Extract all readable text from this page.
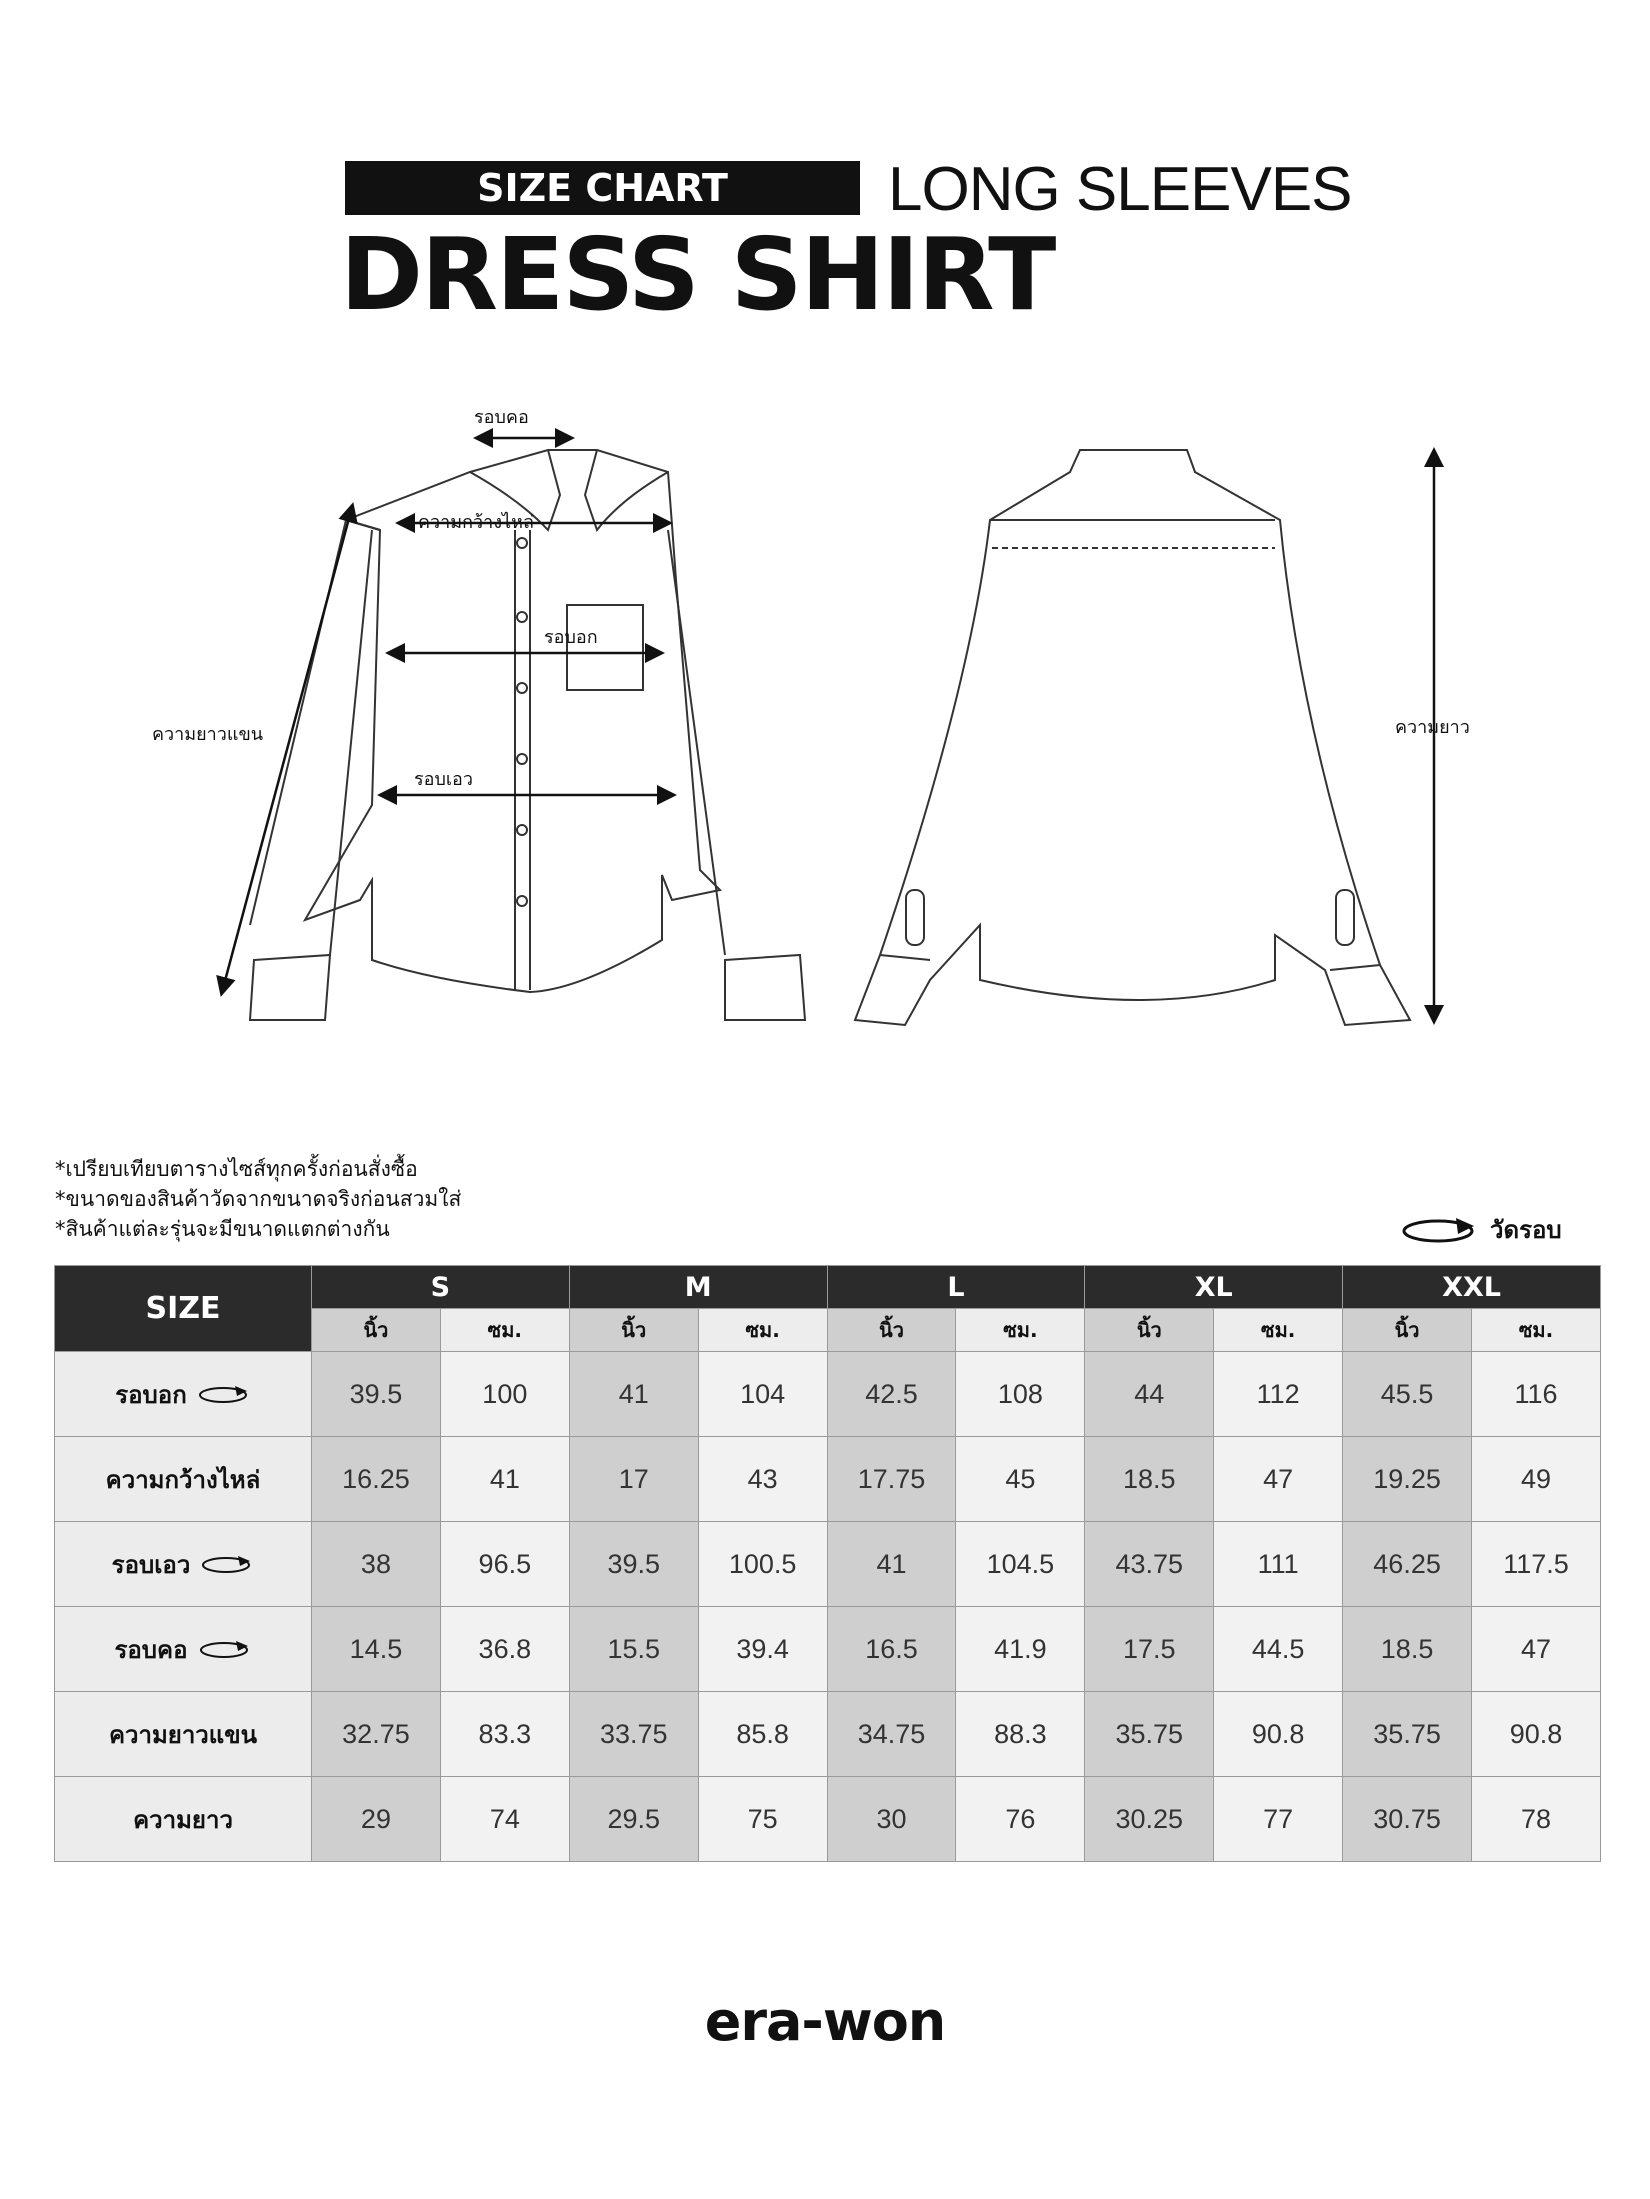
SIZE CHART	LONG SLEEVES
DRESS SHIRT
รอบคอ
ความกว้างไหล่
รอบอก
รอบเอว
ความยาวแขน	ความยาว
*เปรียบเทียบตารางไซส์ทุกครั้งก่อนสั่งซื้อ
*ขนาดของสินค้าวัดจากขนาดจริงก่อนสวมใส่
*สินค้าแต่ละรุ่นจะมีขนาดแตกต่างกัน	วัดรอบ
SIZE	S		M		L		XL		XXL	
	นิ้ว	ซม.	นิ้ว	ซม.	นิ้ว	ซม.	นิ้ว	ซม.	นิ้ว	ซม.

รอบอก	39.5	100	41	104	42.5	108	44	112	45.5	116

ความกว้างไหล่	16.25	41	17	43	17.75	45	18.5	47	19.25	49

รอบเอว	38	96.5	39.5	100.5	41	104.5	43.75	111	46.25	117.5

รอบคอ	14.5	36.8	15.5	39.4	16.5	41.9	17.5	44.5	18.5	47

ความยาวแขน	32.75	83.3	33.75	85.8	34.75	88.3	35.75	90.8	35.75	90.8

ความยาว	29	74	29.5	75	30	76	30.25	77	30.75	78
era-won
